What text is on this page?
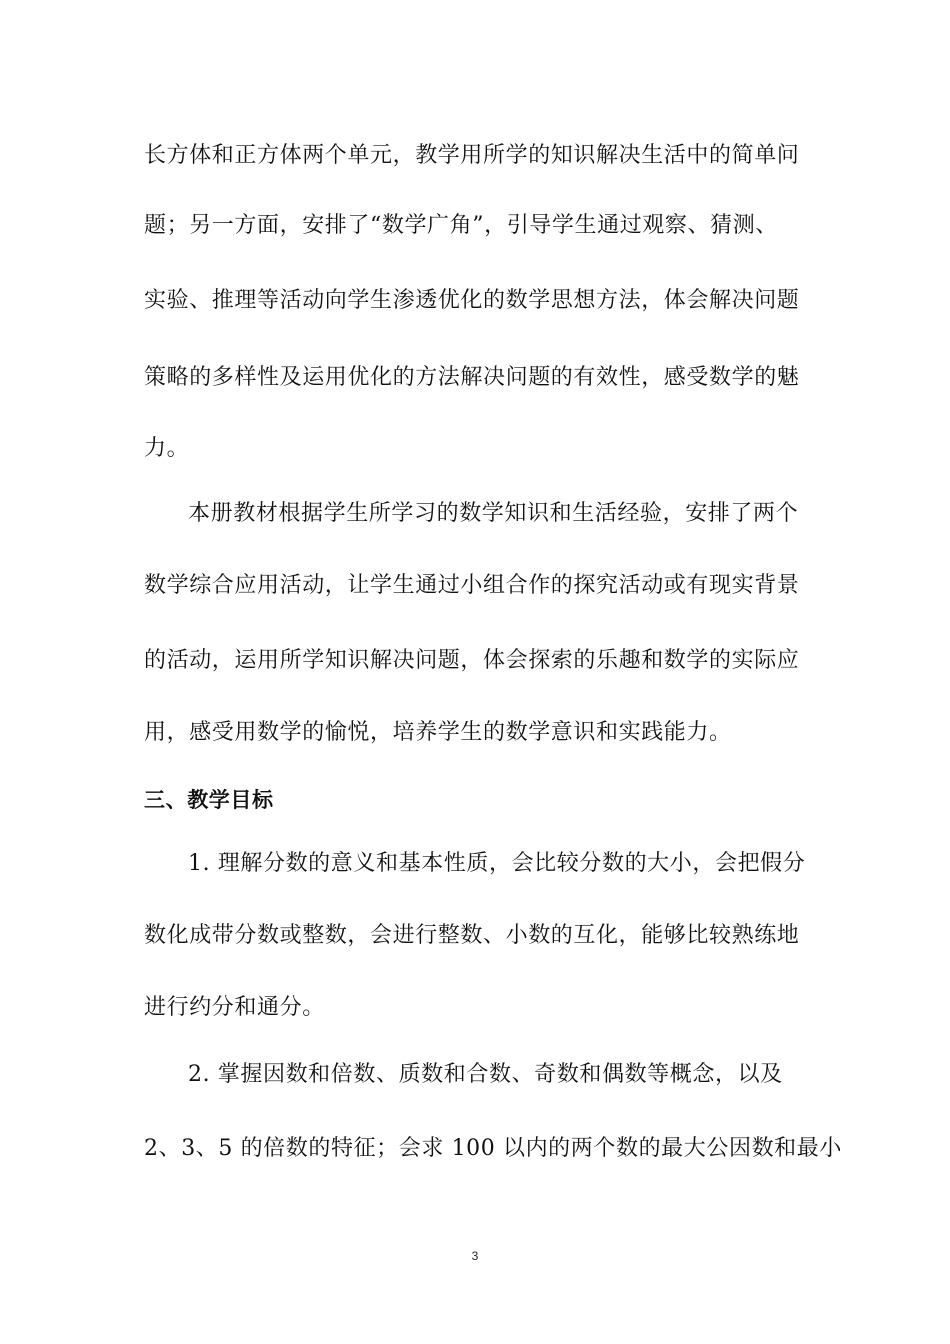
长方体和正方体两个单元，教学用所学的知识解决生活中的简单问
题；另一方面，安排了“数学广角”，引导学生通过观察、猜测、
实验、推理等活动向学生渗透优化的数学思想方法，体会解决问题
策略的多样性及运用优化的方法解决问题的有效性，感受数学的魅
力。
本册教材根据学生所学习的数学知识和生活经验，安排了两个
数学综合应用活动，让学生通过小组合作的探究活动或有现实背景
的活动，运用所学知识解决问题，体会探索的乐趣和数学的实际应
用，感受用数学的愉悦，培养学生的数学意识和实践能力。
三、教学目标
1. 理解分数的意义和基本性质，会比较分数的大小，会把假分
数化成带分数或整数，会进行整数、小数的互化，能够比较熟练地
进行约分和通分。
2. 掌握因数和倍数、质数和合数、奇数和偶数等概念，以及
2、3、5 的倍数的特征；会求 100 以内的两个数的最大公因数和最小
3
